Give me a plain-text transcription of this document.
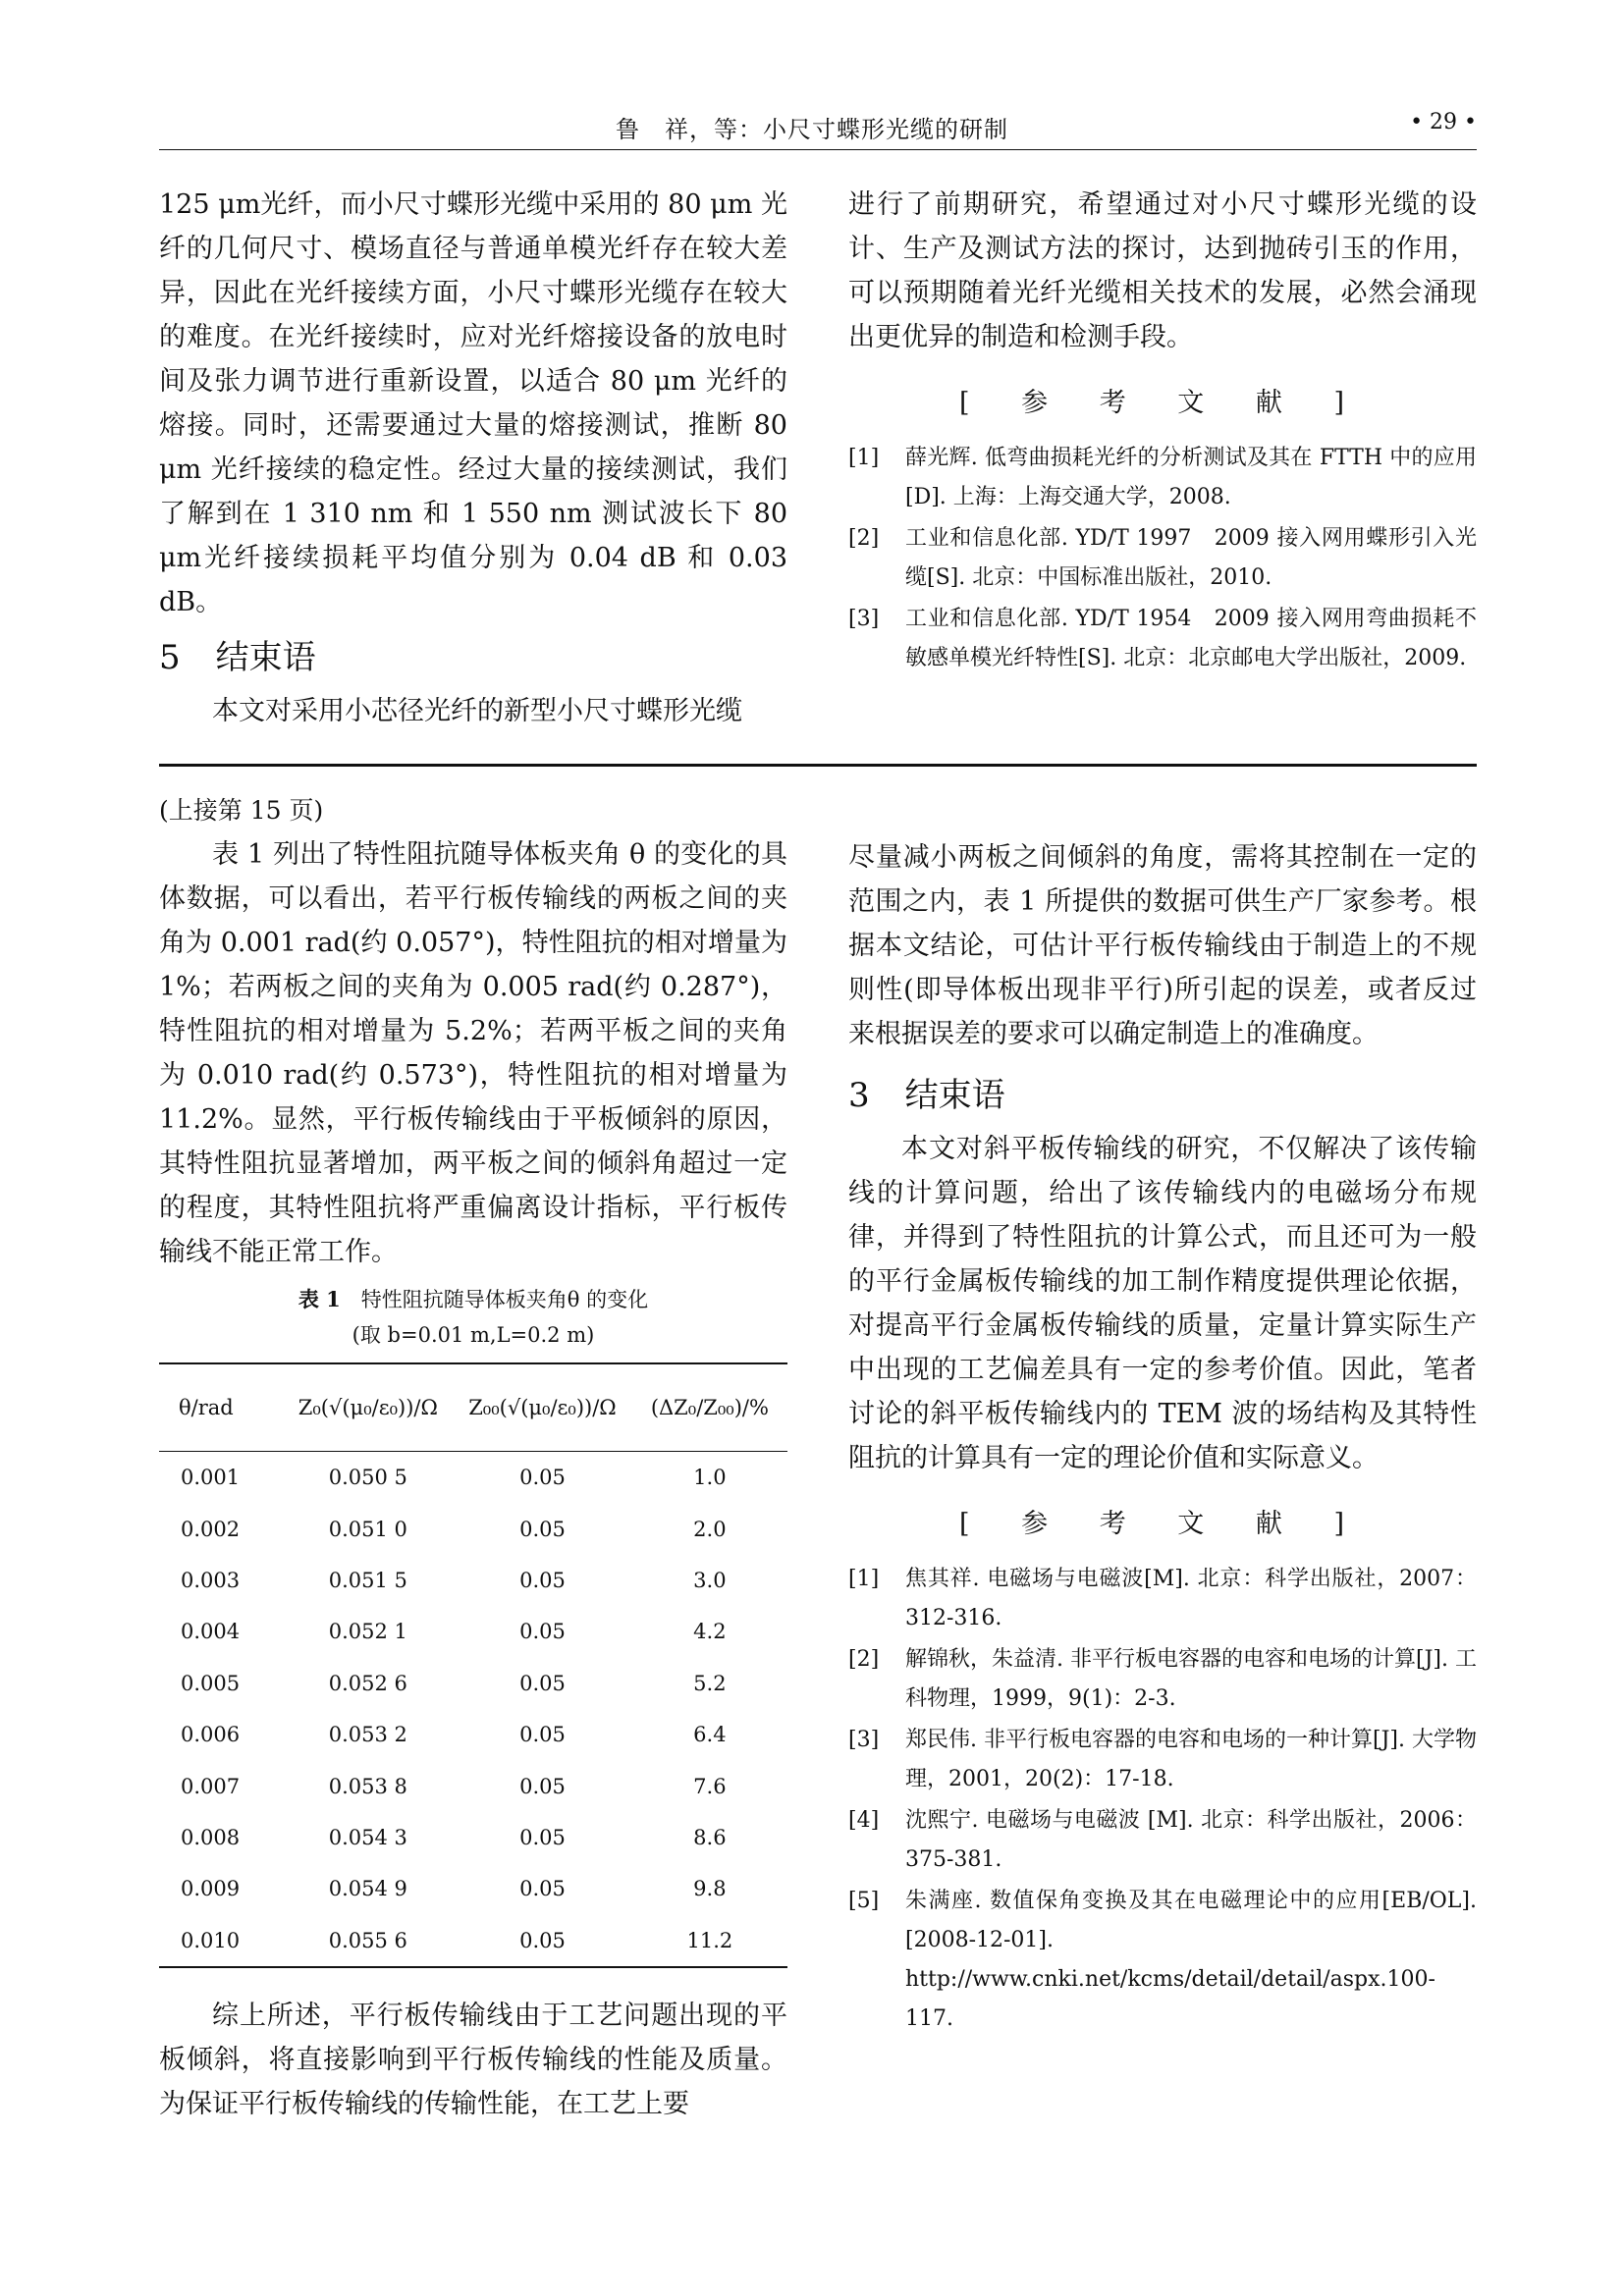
鲁　祥，等：小尺寸蝶形光缆的研制	• 29 •

125 μm光纤，而小尺寸蝶形光缆中采用的 80 μm 光纤的几何尺寸、模场直径与普通单模光纤存在较大差异，因此在光纤接续方面，小尺寸蝶形光缆存在较大的难度。在光纤接续时，应对光纤熔接设备的放电时间及张力调节进行重新设置，以适合 80 μm 光纤的熔接。同时，还需要通过大量的熔接测试，推断 80 μm 光纤接续的稳定性。经过大量的接续测试，我们了解到在 1 310 nm 和 1 550 nm 测试波长下 80 μm光纤接续损耗平均值分别为 0.04 dB 和 0.03 dB。

5 结束语

本文对采用小芯径光纤的新型小尺寸蝶形光缆

进行了前期研究，希望通过对小尺寸蝶形光缆的设计、生产及测试方法的探讨，达到抛砖引玉的作用，可以预期随着光纤光缆相关技术的发展，必然会涌现出更优异的制造和检测手段。

[ 参 考 文 献 ]
[1]	薛光辉. 低弯曲损耗光纤的分析测试及其在 FTTH 中的应用[D]. 上海：上海交通大学，2008.
[2]	工业和信息化部. YD/T 1997　2009 接入网用蝶形引入光缆[S]. 北京：中国标准出版社，2010.
[3]	工业和信息化部. YD/T 1954　2009 接入网用弯曲损耗不敏感单模光纤特性[S]. 北京：北京邮电大学出版社，2009.
(上接第 15 页)

表 1 列出了特性阻抗随导体板夹角 θ 的变化的具体数据，可以看出，若平行板传输线的两板之间的夹角为 0.001 rad(约 0.057°)，特性阻抗的相对增量为 1%；若两板之间的夹角为 0.005 rad(约 0.287°)，特性阻抗的相对增量为 5.2%；若两平板之间的夹角为 0.010 rad(约 0.573°)，特性阻抗的相对增量为 11.2%。显然，平行板传输线由于平板倾斜的原因，其特性阻抗显著增加，两平板之间的倾斜角超过一定的程度，其特性阻抗将严重偏离设计指标，平行板传输线不能正常工作。

表 1　 特性阻抗随导体板夹角θ 的变化
(取 b=0.01 m,L=0.2 m)
θ/rad	Z₀(√(μ₀/ε₀))/Ω	Z₀₀(√(μ₀/ε₀))/Ω	(ΔZ₀/Z₀₀)/%
0.001	0.050 5	0.05	1.0
0.002	0.051 0	0.05	2.0
0.003	0.051 5	0.05	3.0
0.004	0.052 1	0.05	4.2
0.005	0.052 6	0.05	5.2
0.006	0.053 2	0.05	6.4
0.007	0.053 8	0.05	7.6
0.008	0.054 3	0.05	8.6
0.009	0.054 9	0.05	9.8
0.010	0.055 6	0.05	11.2

综上所述，平行板传输线由于工艺问题出现的平板倾斜，将直接影响到平行板传输线的性能及质量。为保证平行板传输线的传输性能，在工艺上要

尽量减小两板之间倾斜的角度，需将其控制在一定的范围之内，表 1 所提供的数据可供生产厂家参考。根据本文结论，可估计平行板传输线由于制造上的不规则性(即导体板出现非平行)所引起的误差，或者反过来根据误差的要求可以确定制造上的准确度。

3 结束语

本文对斜平板传输线的研究，不仅解决了该传输线的计算问题，给出了该传输线内的电磁场分布规律，并得到了特性阻抗的计算公式，而且还可为一般的平行金属板传输线的加工制作精度提供理论依据，对提高平行金属板传输线的质量，定量计算实际生产中出现的工艺偏差具有一定的参考价值。因此，笔者讨论的斜平板传输线内的 TEM 波的场结构及其特性阻抗的计算具有一定的理论价值和实际意义。

[ 参 考 文 献 ]
[1]	焦其祥. 电磁场与电磁波[M]. 北京：科学出版社，2007：312-316.
[2]	解锦秋，朱益清. 非平行板电容器的电容和电场的计算[J]. 工科物理，1999，9(1)：2-3.
[3]	郑民伟. 非平行板电容器的电容和电场的一种计算[J]. 大学物理，2001，20(2)：17-18.
[4]	沈熙宁. 电磁场与电磁波 [M]. 北京：科学出版社，2006：375-381.
[5]	朱满座. 数值保角变换及其在电磁理论中的应用[EB/OL]. [2008-12-01]. http://www.cnki.net/kcms/detail/detail/aspx.100-117.
